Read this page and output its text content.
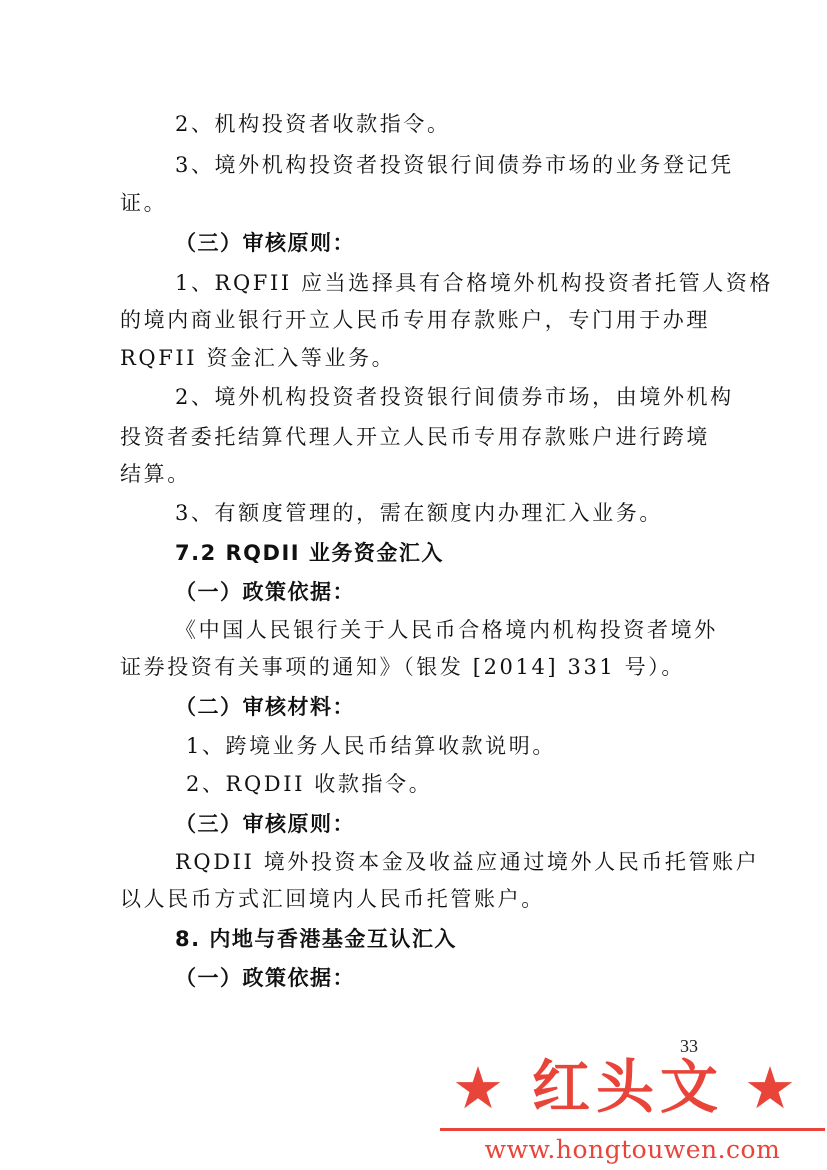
2、机构投资者收款指令。
3、境外机构投资者投资银行间债券市场的业务登记凭
证。
（三）审核原则：
1、RQFII 应当选择具有合格境外机构投资者托管人资格
的境内商业银行开立人民币专用存款账户，专门用于办理
RQFII 资金汇入等业务。
2、境外机构投资者投资银行间债券市场，由境外机构
投资者委托结算代理人开立人民币专用存款账户进行跨境
结算。
3、有额度管理的，需在额度内办理汇入业务。
7.2 RQDII 业务资金汇入
（一）政策依据：
《中国人民银行关于人民币合格境内机构投资者境外
证券投资有关事项的通知》（银发 [2014] 331 号）。
（二）审核材料：
1、跨境业务人民币结算收款说明。
2、RQDII 收款指令。
（三）审核原则：
RQDII 境外投资本金及收益应通过境外人民币托管账户
以人民币方式汇回境内人民币托管账户。
8. 内地与香港基金互认汇入
（一）政策依据：
33
★ 红头文 ★
www.hongtouwen.com
